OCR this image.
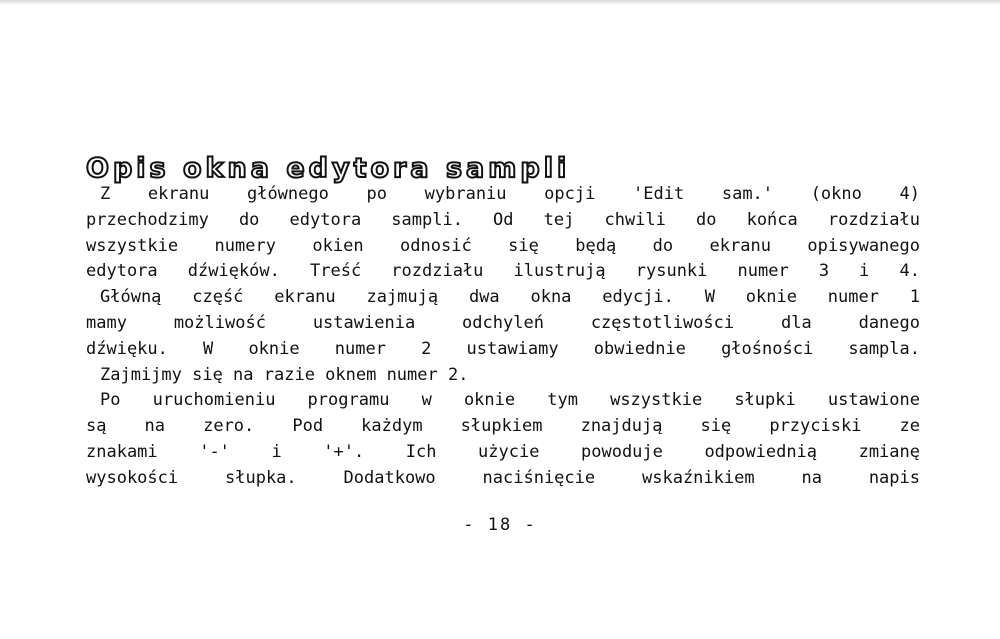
Opis okna edytora sampli
Z ekranu głównego po wybraniu opcji 'Edit sam.' (okno 4)
przechodzimy do edytora sampli. Od tej chwili do końca rozdziału
wszystkie numery okien odnosić się będą do ekranu opisywanego
edytora dźwięków. Treść rozdziału ilustrują rysunki numer 3 i 4.
Główną część ekranu zajmują dwa okna edycji. W oknie numer 1
mamy możliwość ustawienia odchyleń częstotliwości dla danego
dźwięku. W oknie numer 2 ustawiamy obwiednie głośności sampla.
Zajmijmy się na razie oknem numer 2.
Po uruchomieniu programu w oknie tym wszystkie słupki ustawione
są na zero. Pod każdym słupkiem znajdują się przyciski ze
znakami '-' i '+'. Ich użycie powoduje odpowiednią zmianę
wysokości słupka. Dodatkowo naciśnięcie wskaźnikiem na napis
- 18 -
